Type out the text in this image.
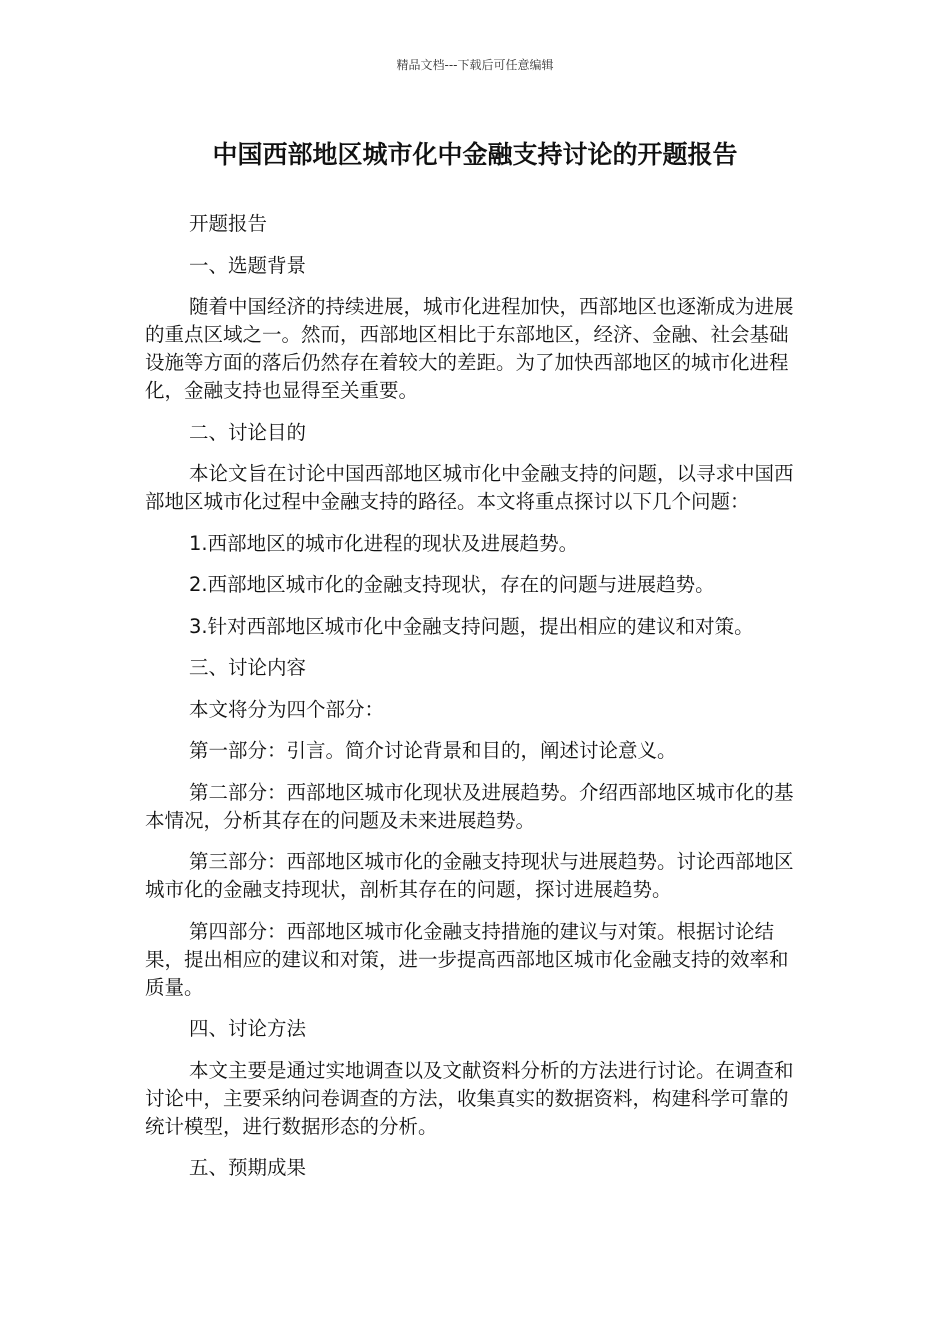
精品文档---下载后可任意编辑
中国西部地区城市化中金融支持讨论的开题报告

开题报告

一、选题背景

随着中国经济的持续进展，城市化进程加快，西部地区也逐渐成为进展的重点区域之一。然而，西部地区相比于东部地区，经济、金融、社会基础设施等方面的落后仍然存在着较大的差距。为了加快西部地区的城市化进程化，金融支持也显得至关重要。

二、讨论目的

本论文旨在讨论中国西部地区城市化中金融支持的问题，以寻求中国西部地区城市化过程中金融支持的路径。本文将重点探讨以下几个问题：

1.西部地区的城市化进程的现状及进展趋势。

2.西部地区城市化的金融支持现状，存在的问题与进展趋势。

3.针对西部地区城市化中金融支持问题，提出相应的建议和对策。

三、讨论内容

本文将分为四个部分：

第一部分：引言。简介讨论背景和目的，阐述讨论意义。

第二部分：西部地区城市化现状及进展趋势。介绍西部地区城市化的基本情况，分析其存在的问题及未来进展趋势。

第三部分：西部地区城市化的金融支持现状与进展趋势。讨论西部地区城市化的金融支持现状，剖析其存在的问题，探讨进展趋势。

第四部分：西部地区城市化金融支持措施的建议与对策。根据讨论结果，提出相应的建议和对策，进一步提高西部地区城市化金融支持的效率和质量。

四、讨论方法

本文主要是通过实地调查以及文献资料分析的方法进行讨论。在调查和讨论中，主要采纳问卷调查的方法，收集真实的数据资料，构建科学可靠的统计模型，进行数据形态的分析。

五、预期成果
